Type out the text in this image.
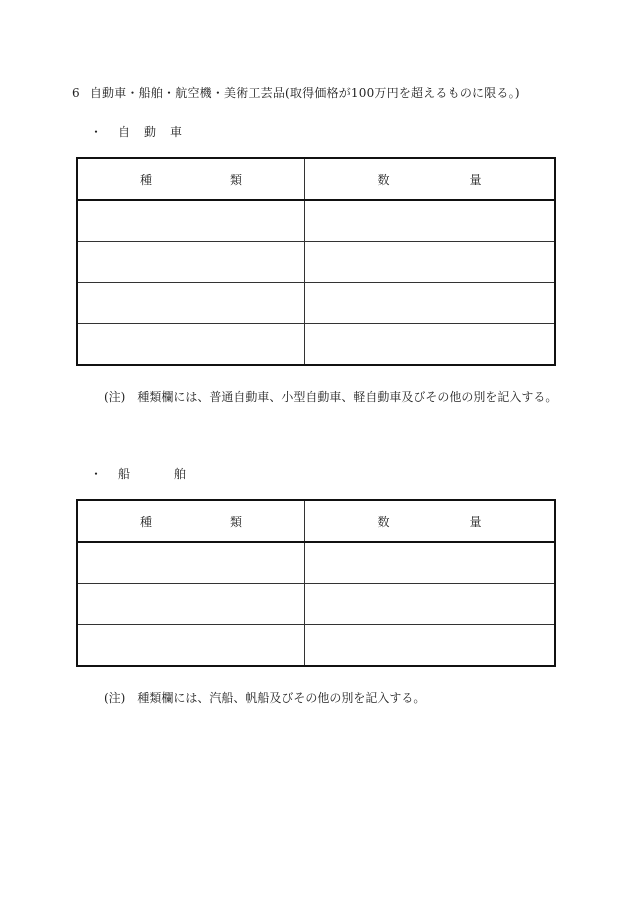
6 自動車・船舶・航空機・美術工芸品(取得価格が100万円を超えるものに限る。)
・ 自動車
種 類	数 量

(注) 種類欄には、普通自動車、小型自動車、軽自動車及びその他の別を記入する。
・ 船舶
種 類	数 量

(注) 種類欄には、汽船、帆船及びその他の別を記入する。
